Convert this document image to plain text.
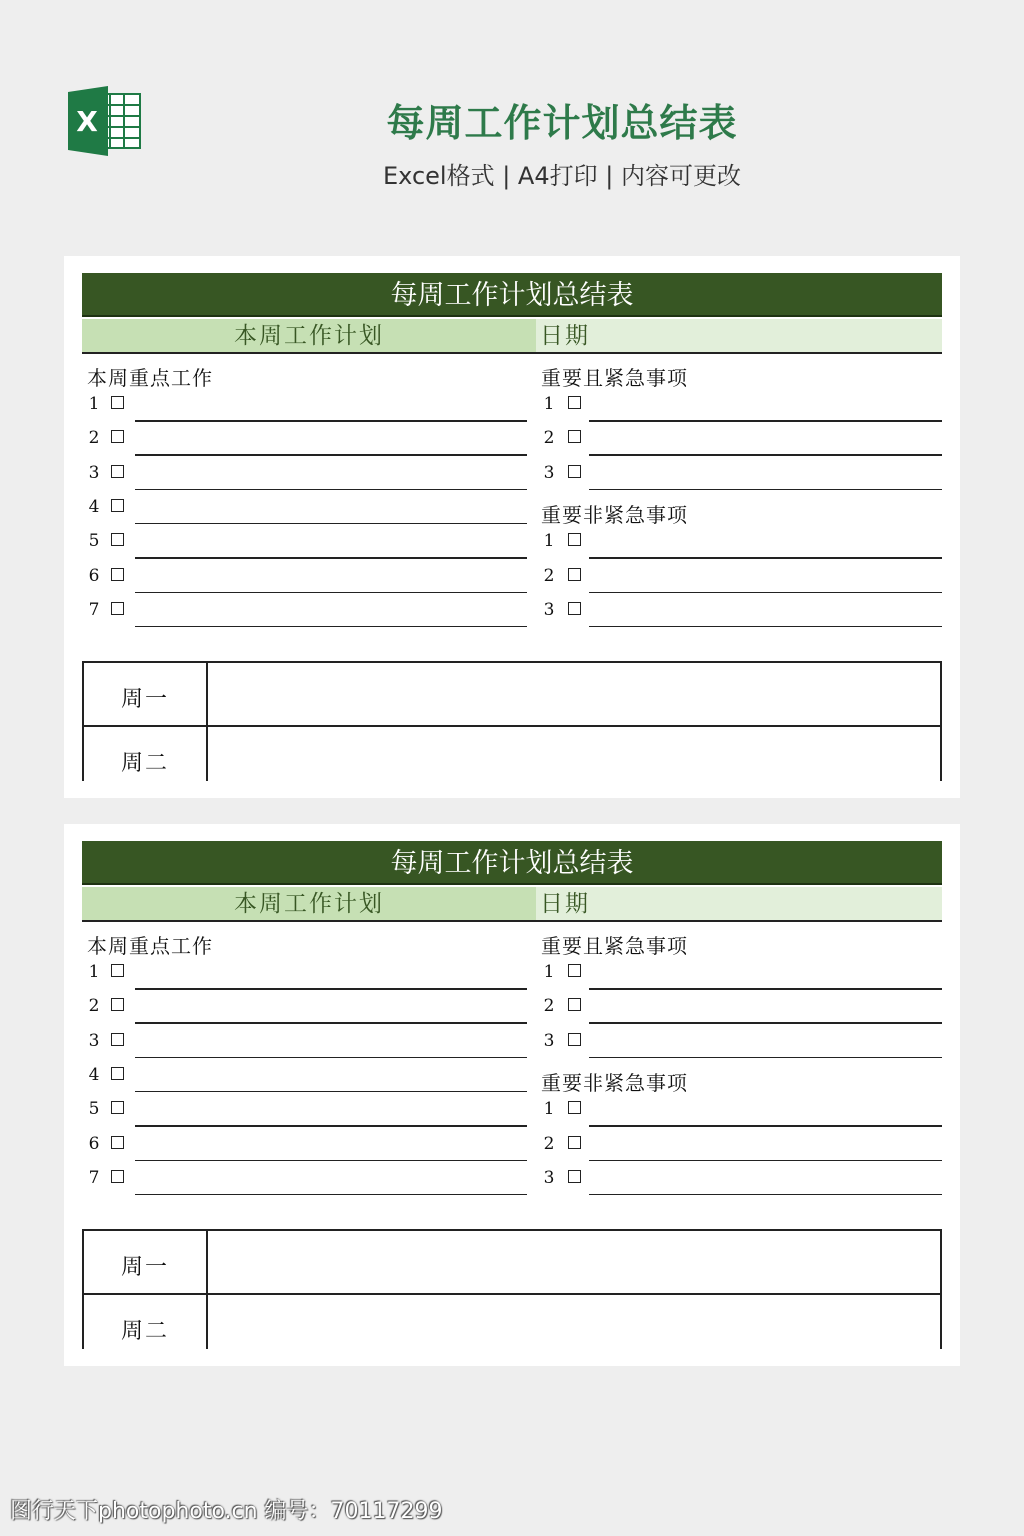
X	每周工作计划总结表
Excel格式 | A4打印 | 内容可更改
每周工作计划总结表
本周工作计划	日期
本周重点工作
1
2
3
4
5
6
7
重要且紧急事项
1
2
3
重要非紧急事项
1
2
3
周一
周二
每周工作计划总结表
本周工作计划	日期
本周重点工作
1
2
3
4
5
6
7
重要且紧急事项
1
2
3
重要非紧急事项
1
2
3
周一
周二
图行天下photophoto.cn 编号：70117299
